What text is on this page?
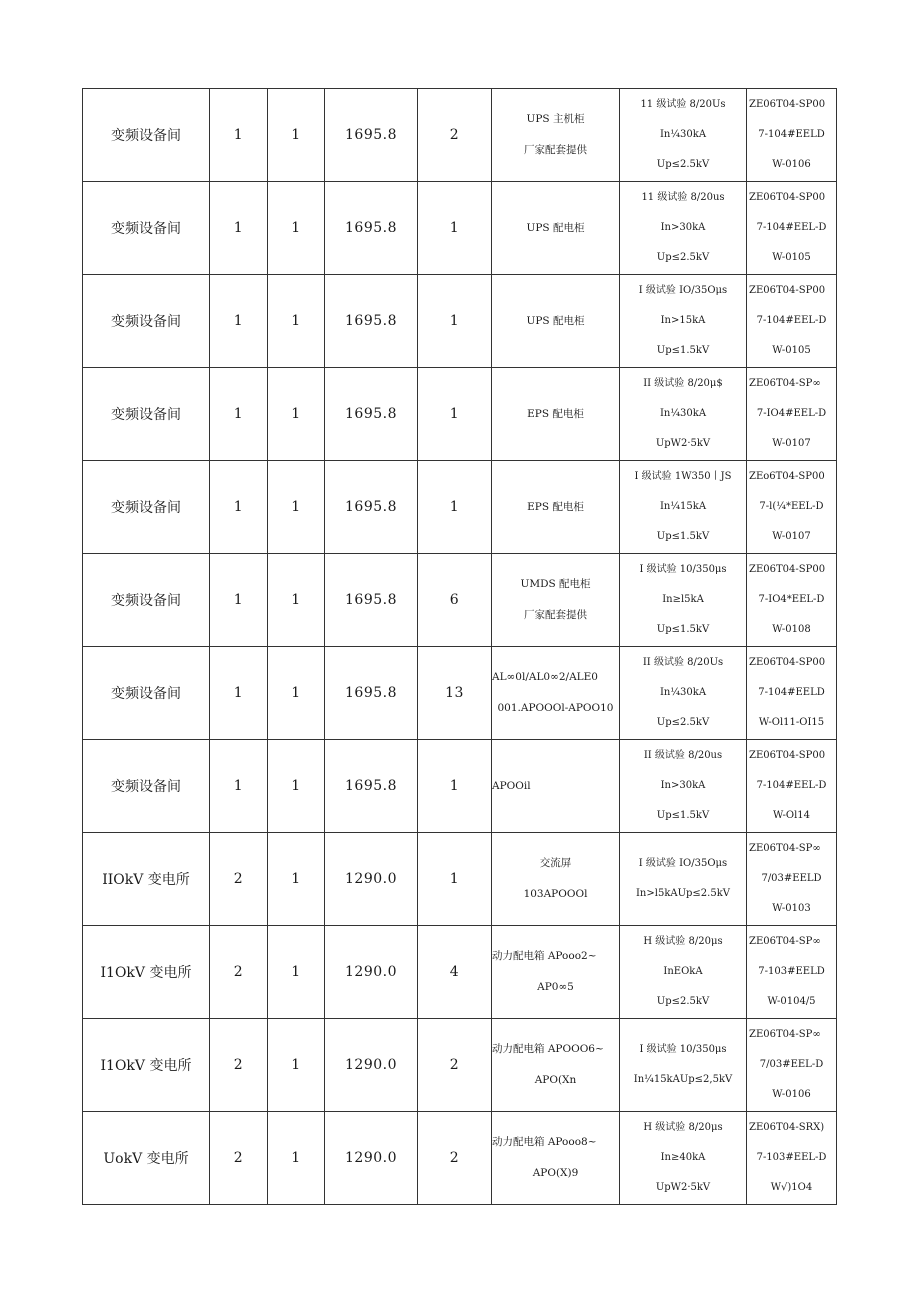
变频设备间	1	1	1695.8	2	UPS 主机柜
厂家配套提供	11 级试验 8/20Us
In¼30kA
Up≤2.5kV	ZE06T04-SP00
7-104#EELD
W-0106

变频设备间	1	1	1695.8	1	UPS 配电柜	11 级试验 8/20us
In>30kA
Up≤2.5kV	ZE06T04-SP00
7-104#EEL-D
W-0105

变频设备间	1	1	1695.8	1	UPS 配电柜	I 级试验 IO/35Oμs
In>15kA
Up≤1.5kV	ZE06T04-SP00
7-104#EEL-D
W-0105

变频设备间	1	1	1695.8	1	EPS 配电柜	II 级试验 8/20μ$
In¼30kA
UpW2·5kV	ZE06T04-SP∞
7-IO4#EEL-D
W-0107

变频设备间	1	1	1695.8	1	EPS 配电柜	I 级试验 1W350丨JS
In¼15kA
Up≤1.5kV	ZEo6T04-SP00
7-l(¼*EEL-D
W-0107

变频设备间	1	1	1695.8	6	UMDS 配电柜
厂家配套提供	I 级试验 10/350μs
In≥l5kA
Up≤1.5kV	ZE06T04-SP00
7-IO4*EEL-D
W-0108

变频设备间	1	1	1695.8	13	AL∞0l/AL0∞2/ALE0
001.APOOOl-APOO10	II 级试验 8/20Us
In¼30kA
Up≤2.5kV	ZE06T04-SP00
7-104#EELD
W-Ol11-OI15

变频设备间	1	1	1695.8	1	APOOil	II 级试验 8/20us
In>30kA
Up≤1.5kV	ZE06T04-SP00
7-104#EEL-D
W-Ol14

IIOkV 变电所	2	1	1290.0	1	交流屏
103APOOOl	I 级试验 IO/35Oμs
In>l5kAUp≤2.5kV	ZE06T04-SP∞
7/03#EELD
W-0103

I1OkV 变电所	2	1	1290.0	4	动力配电箱 APooo2~
AP0∞5	H 级试验 8/20μs
InEOkA
Up≤2.5kV	ZE06T04-SP∞
7-103#EELD
W-0104/5

I1OkV 变电所	2	1	1290.0	2	动力配电箱 APOOO6~
APO(Xn	I 级试验 10/350μs
In¼15kAUp≤2,5kV	ZE06T04-SP∞
7/03#EEL-D
W-0106

UokV 变电所	2	1	1290.0	2	动力配电箱 APooo8~
APO(X)9	H 级试验 8/20μs
In≥40kA
UpW2·5kV	ZE06T04-SRX)
7-103#EEL-D
W√)1O4
